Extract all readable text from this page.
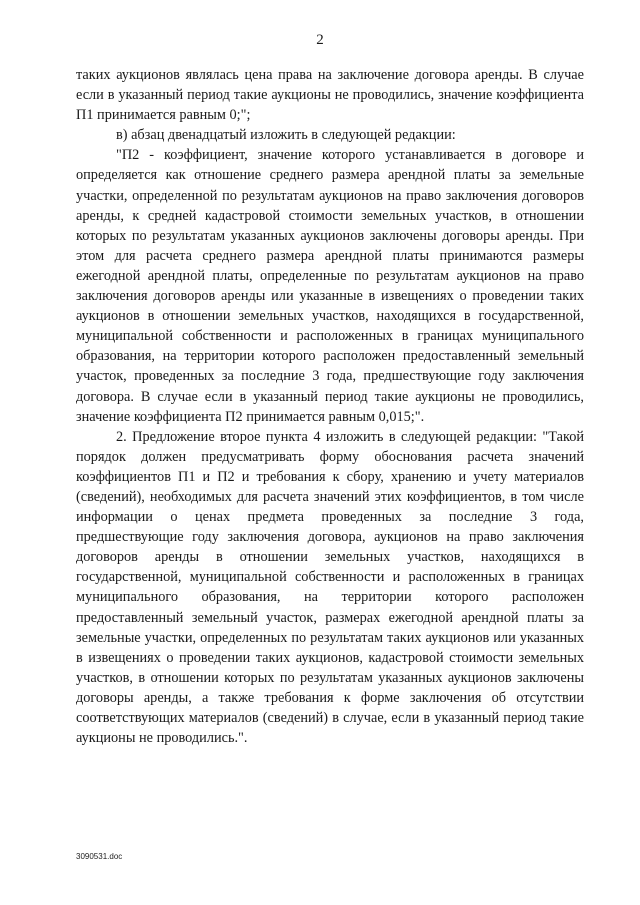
2

таких аукционов являлась цена права на заключение договора аренды. В случае если в указанный период такие аукционы не проводились, значение коэффициента П1 принимается равным 0;";

в) абзац двенадцатый изложить в следующей редакции:

"П2 - коэффициент, значение которого устанавливается в договоре и определяется как отношение среднего размера арендной платы за земельные участки, определенной по результатам аукционов на право заключения договоров аренды, к средней кадастровой стоимости земельных участков, в отношении которых по результатам указанных аукционов заключены договоры аренды. При этом для расчета среднего размера арендной платы принимаются размеры ежегодной арендной платы, определенные по результатам аукционов на право заключения договоров аренды или указанные в извещениях о проведении таких аукционов в отношении земельных участков, находящихся в государственной, муниципальной собственности и расположенных в границах муниципального образования, на территории которого расположен предоставленный земельный участок, проведенных за последние 3 года, предшествующие году заключения договора. В случае если в указанный период такие аукционы не проводились, значение коэффициента П2 принимается равным 0,015;".

2. Предложение второе пункта 4 изложить в следующей редакции: "Такой порядок должен предусматривать форму обоснования расчета значений коэффициентов П1 и П2 и требования к сбору, хранению и учету материалов (сведений), необходимых для расчета значений этих коэффициентов, в том числе информации о ценах предмета проведенных за последние 3 года, предшествующие году заключения договора, аукционов на право заключения договоров аренды в отношении земельных участков, находящихся в государственной, муниципальной собственности и расположенных в границах муниципального образования, на территории которого расположен предоставленный земельный участок, размерах ежегодной арендной платы за земельные участки, определенных по результатам таких аукционов или указанных в извещениях о проведении таких аукционов, кадастровой стоимости земельных участков, в отношении которых по результатам указанных аукционов заключены договоры аренды, а также требования к форме заключения об отсутствии соответствующих материалов (сведений) в случае, если в указанный период такие аукционы не проводились.".

3090531.doc
